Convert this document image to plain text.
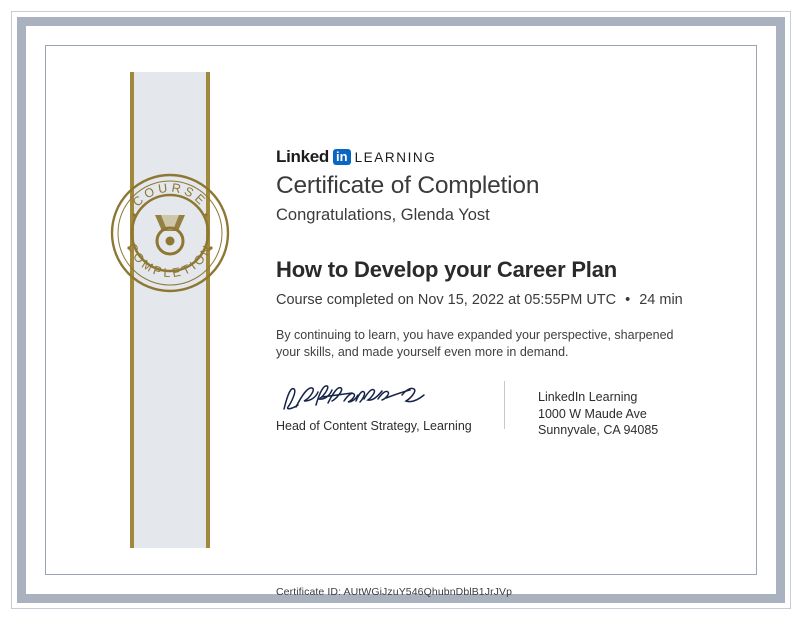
COURSE
COMPLETION
Linked in LEARNING
Certificate of Completion
Congratulations, Glenda Yost
How to Develop your Career Plan
Course completed on Nov 15, 2022 at 05:55PM UTC • 24 min
By continuing to learn, you have expanded your perspective, sharpened your skills, and made yourself even more in demand.
Head of Content Strategy, Learning
LinkedIn Learning
1000 W Maude Ave
Sunnyvale, CA 94085
Certificate ID: AUtWGiJzuY546QhubnDblB1JrJVp
